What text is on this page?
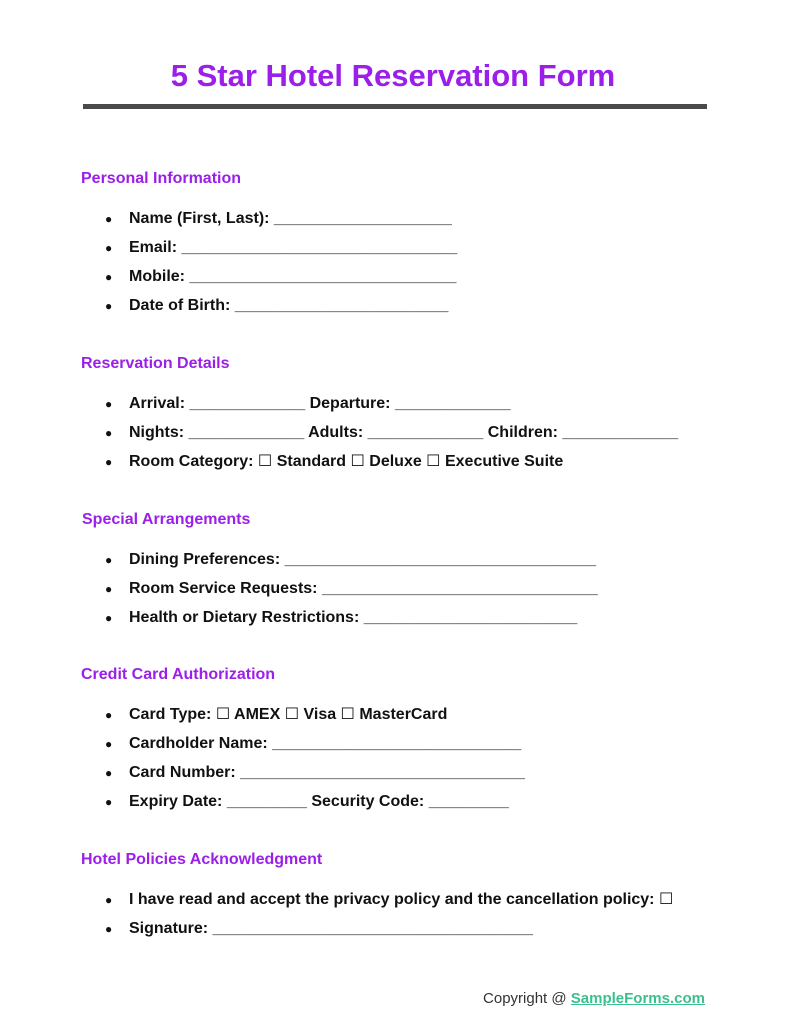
5 Star Hotel Reservation Form
Personal Information
● Name (First, Last): ____________________
● Email: _______________________________
● Mobile: ______________________________
● Date of Birth: ________________________
Reservation Details
● Arrival: _____________ Departure: _____________
● Nights: _____________ Adults: _____________ Children: _____________
● Room Category: ☐ Standard ☐ Deluxe ☐ Executive Suite
Special Arrangements
● Dining Preferences: ___________________________________
● Room Service Requests: _______________________________
● Health or Dietary Restrictions: ________________________
Credit Card Authorization
● Card Type: ☐ AMEX ☐ Visa ☐ MasterCard
● Cardholder Name: ____________________________
● Card Number: ________________________________
● Expiry Date: _________ Security Code: _________
Hotel Policies Acknowledgment
● I have read and accept the privacy policy and the cancellation policy: ☐
● Signature: ____________________________________
Copyright @ SampleForms.com
